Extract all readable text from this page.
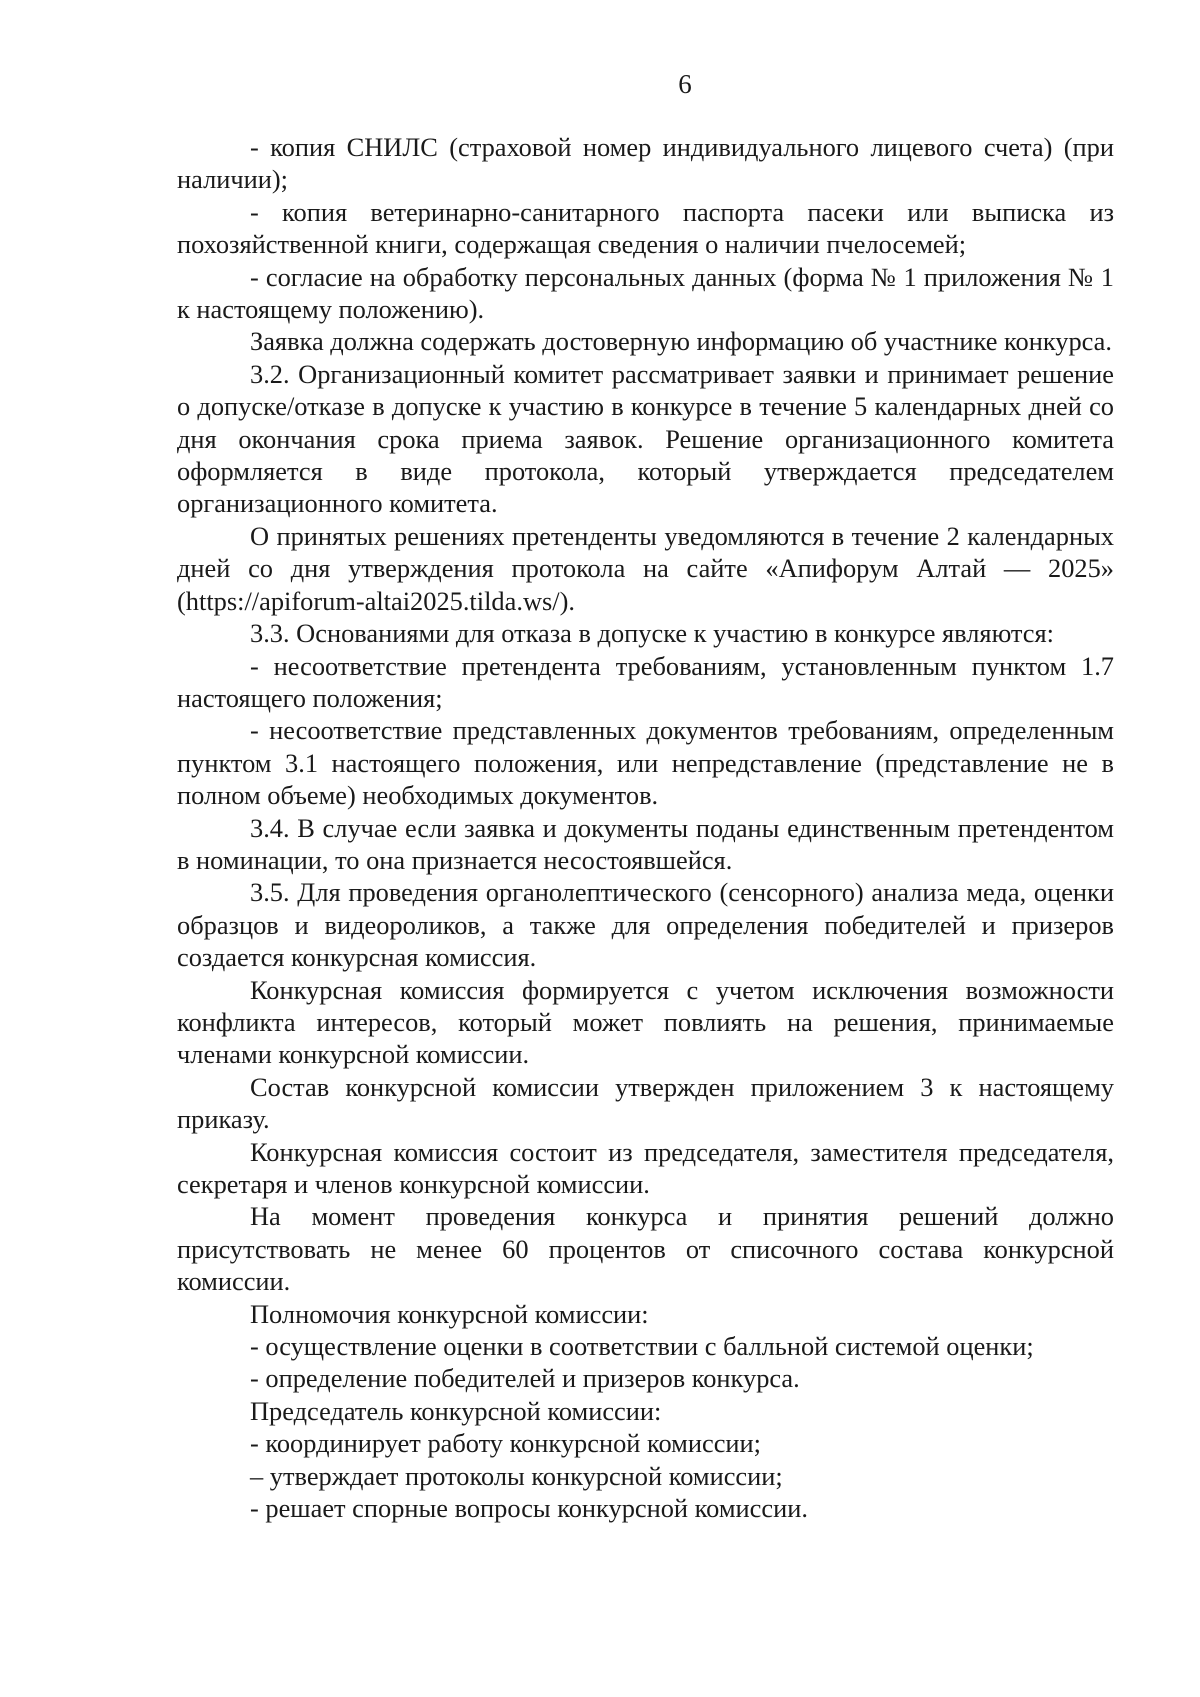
6

- копия СНИЛС (страховой номер индивидуального лицевого счета) (при наличии);

- копия ветеринарно-санитарного паспорта пасеки или выписка из похозяйственной книги, содержащая сведения о наличии пчелосемей;

- согласие на обработку персональных данных (форма № 1 приложения № 1 к настоящему положению).

Заявка должна содержать достоверную информацию об участнике конкурса.

3.2. Организационный комитет рассматривает заявки и принимает решение о допуске/отказе в допуске к участию в конкурсе в течение 5 календарных дней со дня окончания срока приема заявок. Решение организационного комитета оформляется в виде протокола, который утверждается председателем организационного комитета.

О принятых решениях претенденты уведомляются в течение 2 календарных дней со дня утверждения протокола на сайте «Апифорум Алтай — 2025» (https://apiforum-altai2025.tilda.ws/).

3.3. Основаниями для отказа в допуске к участию в конкурсе являются:

- несоответствие претендента требованиям, установленным пунктом 1.7 настоящего положения;

- несоответствие представленных документов требованиям, определенным пунктом 3.1 настоящего положения, или непредставление (представление не в полном объеме) необходимых документов.

3.4. В случае если заявка и документы поданы единственным претендентом в номинации, то она признается несостоявшейся.

3.5. Для проведения органолептического (сенсорного) анализа меда, оценки образцов и видеороликов, а также для определения победителей и призеров создается конкурсная комиссия.

Конкурсная комиссия формируется с учетом исключения возможности конфликта интересов, который может повлиять на решения, принимаемые членами конкурсной комиссии.

Состав конкурсной комиссии утвержден приложением 3 к настоящему приказу.

Конкурсная комиссия состоит из председателя, заместителя председателя, секретаря и членов конкурсной комиссии.

На момент проведения конкурса и принятия решений должно присутствовать не менее 60 процентов от списочного состава конкурсной комиссии.

Полномочия конкурсной комиссии:

- осуществление оценки в соответствии с балльной системой оценки;

- определение победителей и призеров конкурса.

Председатель конкурсной комиссии:

- координирует работу конкурсной комиссии;

– утверждает протоколы конкурсной комиссии;

- решает спорные вопросы конкурсной комиссии.
